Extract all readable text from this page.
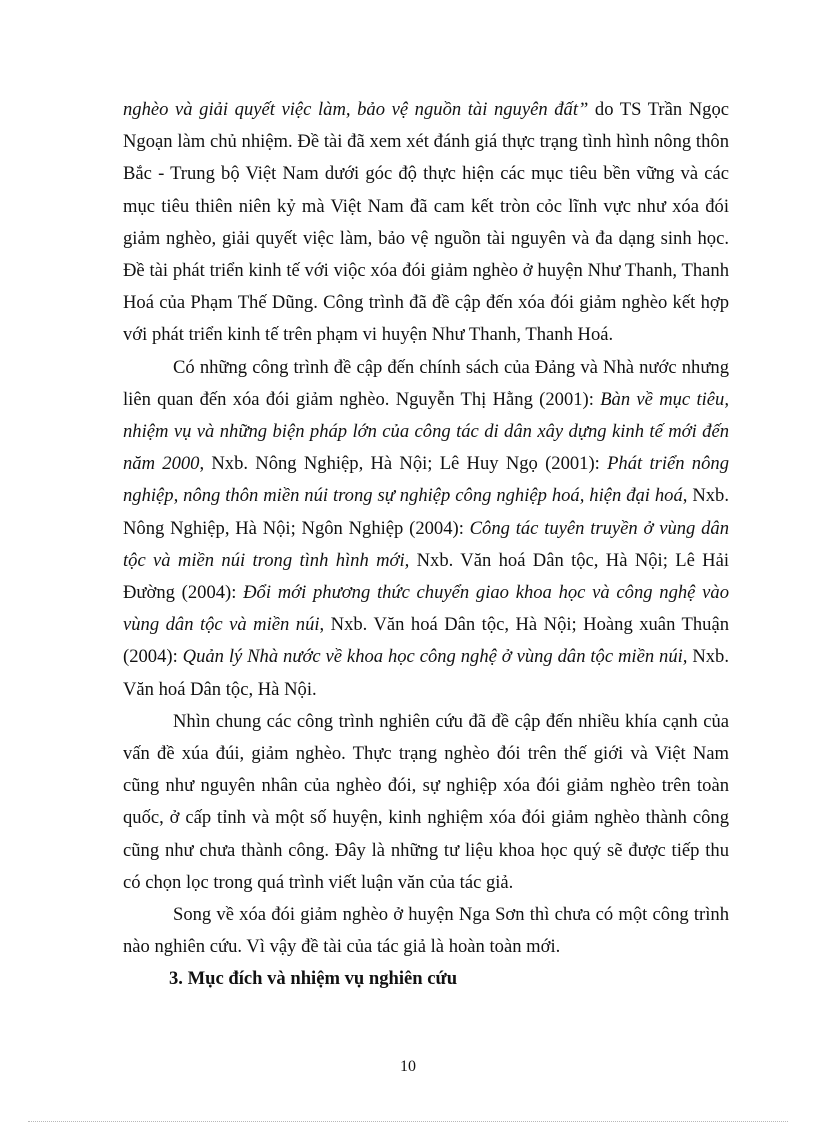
nghèo và giải quyết việc làm, bảo vệ nguồn tài nguyên đất” do TS Trần Ngọc Ngoạn làm chủ nhiệm. Đề tài đã xem xét đánh giá thực trạng tình hình nông thôn Bắc - Trung bộ Việt Nam dưới góc độ thực hiện các mục tiêu bền vững và các mục tiêu thiên niên kỷ mà Việt Nam đã cam kết tròn cỏc lĩnh vực như xóa đói giảm nghèo, giải quyết việc làm, bảo vệ nguồn tài nguyên và đa dạng sinh học. Đề tài phát triển kinh tế với viộc xóa đói giảm nghèo ở huyện Như Thanh, Thanh Hoá của Phạm Thế Dũng. Công trình đã đề cập đến xóa đói giảm nghèo kết hợp với phát triển kinh tế trên phạm vi huyện Như Thanh, Thanh Hoá.

Có những công trình đề cập đến chính sách của Đảng và Nhà nước nhưng liên quan đến xóa đói giảm nghèo. Nguyễn Thị Hằng (2001): Bàn về mục tiêu, nhiệm vụ và những biện pháp lớn của công tác di dân xây dựng kinh tế mới đến năm 2000, Nxb. Nông Nghiệp, Hà Nội; Lê Huy Ngọ (2001): Phát triển nông nghiệp, nông thôn miền núi trong sự nghiệp công nghiệp hoá, hiện đại hoá, Nxb. Nông Nghiệp, Hà Nội; Ngôn Nghiệp (2004): Công tác tuyên truyền ở vùng dân tộc và miền núi trong tình hình mới, Nxb. Văn hoá Dân tộc, Hà Nội; Lê Hải Đường (2004): Đổi mới phương thức chuyển giao khoa học và công nghệ vào vùng dân tộc và miền núi, Nxb. Văn hoá Dân tộc, Hà Nội; Hoàng xuân Thuận (2004): Quản lý Nhà nước về khoa học công nghệ ở vùng dân tộc miền núi, Nxb. Văn hoá Dân tộc, Hà Nội.

Nhìn chung các công trình nghiên cứu đã đề cập đến nhiều khía cạnh của vấn đề xúa đúi, giảm nghèo. Thực trạng nghèo đói trên thế giới và Việt Nam cũng như nguyên nhân của nghèo đói, sự nghiệp xóa đói giảm nghèo trên toàn quốc, ở cấp tỉnh và một số huyện, kinh nghiệm xóa đói giảm nghèo thành công cũng như chưa thành công. Đây là những tư liệu khoa học quý sẽ được tiếp thu có chọn lọc trong quá trình viết luận văn của tác giả.

Song về xóa đói giảm nghèo ở huyện Nga Sơn thì chưa có một công trình nào nghiên cứu. Vì vậy đề tài của tác giả là hoàn toàn mới.

3. Mục đích và nhiệm vụ nghiên cứu

10
